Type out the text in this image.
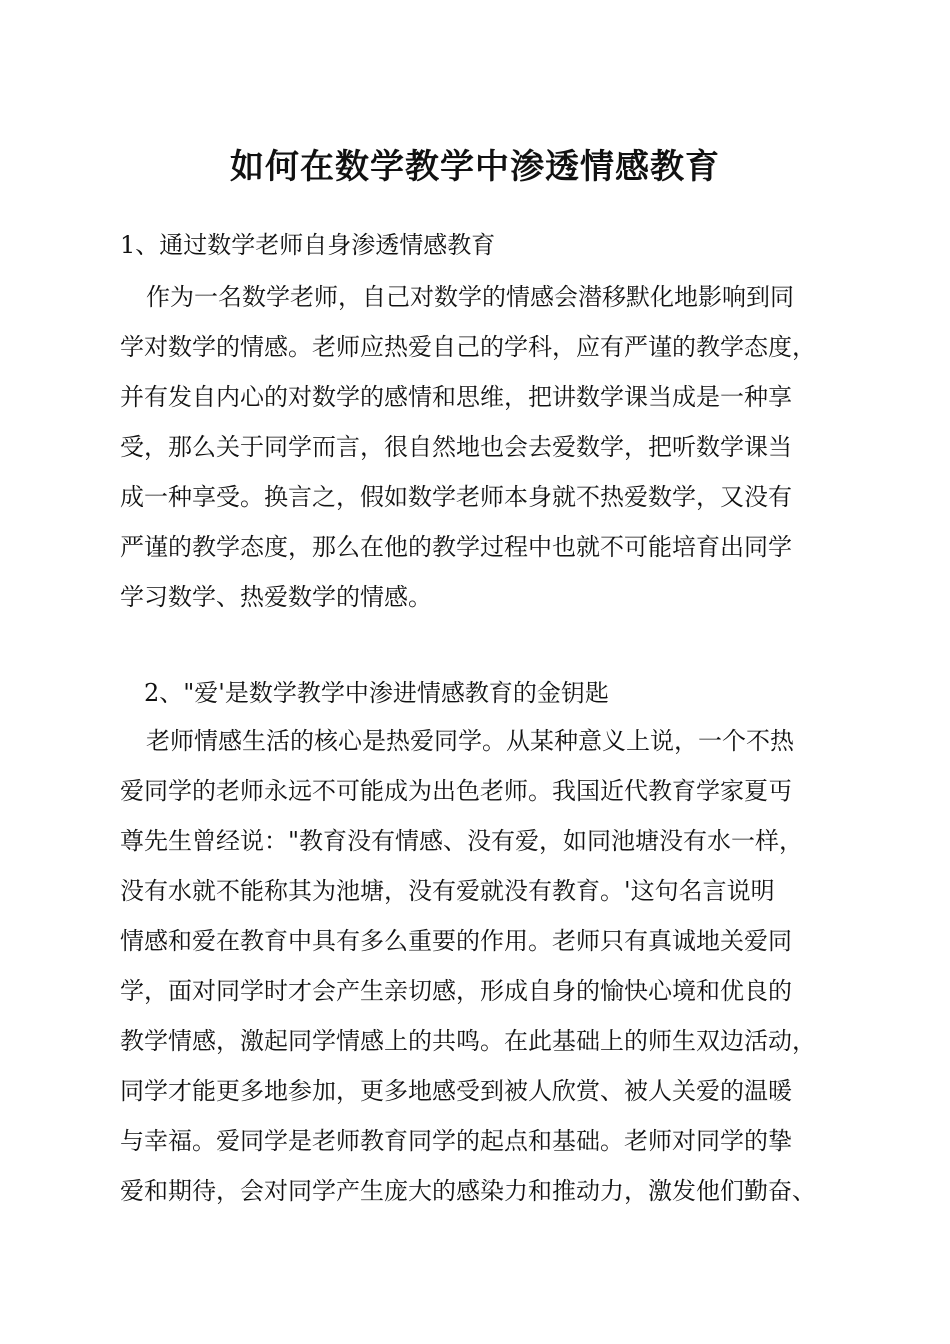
如何在数学教学中渗透情感教育
1、通过数学老师自身渗透情感教育
作为一名数学老师，自己对数学的情感会潜移默化地影响到同
学对数学的情感。老师应热爱自己的学科，应有严谨的教学态度，
并有发自内心的对数学的感情和思维，把讲数学课当成是一种享
受，那么关于同学而言，很自然地也会去爱数学，把听数学课当
成一种享受。换言之，假如数学老师本身就不热爱数学，又没有
严谨的教学态度，那么在他的教学过程中也就不可能培育出同学
学习数学、热爱数学的情感。
2、"爱'是数学教学中渗进情感教育的金钥匙
老师情感生活的核心是热爱同学。从某种意义上说，一个不热
爱同学的老师永远不可能成为出色老师。我国近代教育学家夏丏
尊先生曾经说："教育没有情感、没有爱，如同池塘没有水一样，
没有水就不能称其为池塘，没有爱就没有教育。'这句名言说明
情感和爱在教育中具有多么重要的作用。老师只有真诚地关爱同
学，面对同学时才会产生亲切感，形成自身的愉快心境和优良的
教学情感，激起同学情感上的共鸣。在此基础上的师生双边活动，
同学才能更多地参加，更多地感受到被人欣赏、被人关爱的温暖
与幸福。爱同学是老师教育同学的起点和基础。老师对同学的挚
爱和期待，会对同学产生庞大的感染力和推动力，激发他们勤奋、
